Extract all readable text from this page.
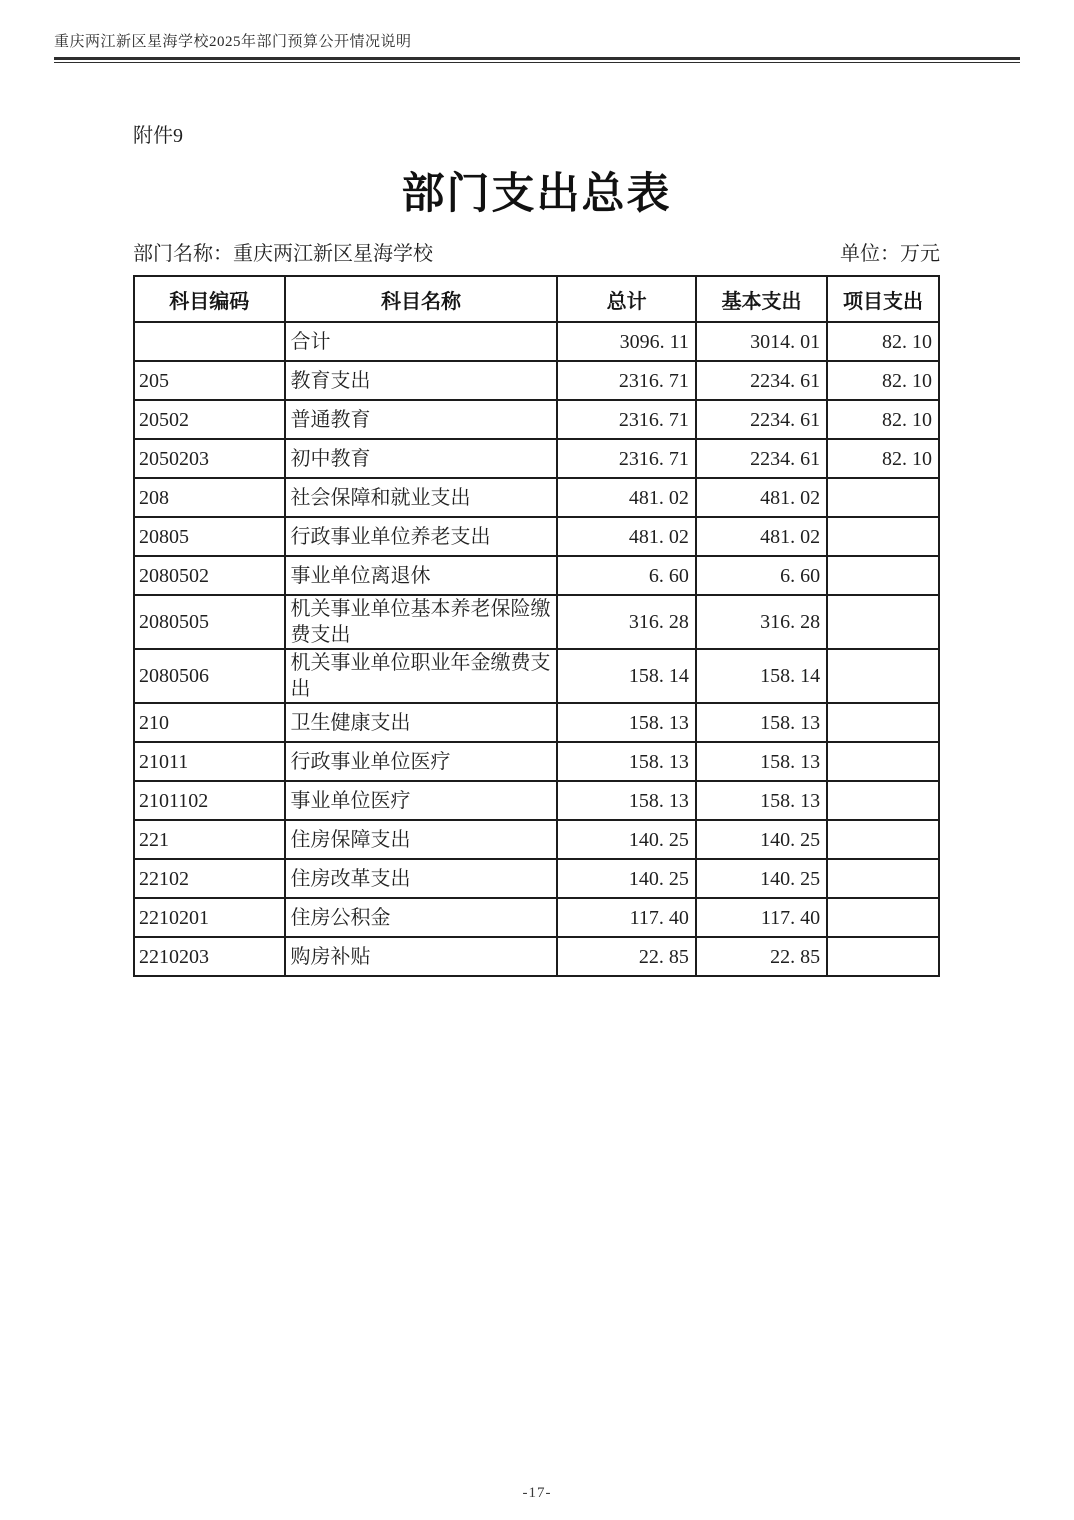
重庆两江新区星海学校2025年部门预算公开情况说明
附件9
部门支出总表
部门名称：重庆两江新区星海学校	单位：万元
科目编码	科目名称	总计	基本支出	项目支出
	合计	3096. 11	3014. 01	82. 10
205	教育支出	2316. 71	2234. 61	82. 10
20502	普通教育	2316. 71	2234. 61	82. 10
2050203	初中教育	2316. 71	2234. 61	82. 10
208	社会保障和就业支出	481. 02	481. 02	
20805	行政事业单位养老支出	481. 02	481. 02	
2080502	事业单位离退休	6. 60	6. 60	
2080505	机关事业单位基本养老保险缴费支出	316. 28	316. 28	
2080506	机关事业单位职业年金缴费支出	158. 14	158. 14	
210	卫生健康支出	158. 13	158. 13	
21011	行政事业单位医疗	158. 13	158. 13	
2101102	事业单位医疗	158. 13	158. 13	
221	住房保障支出	140. 25	140. 25	
22102	住房改革支出	140. 25	140. 25	
2210201	住房公积金	117. 40	117. 40	
2210203	购房补贴	22. 85	22. 85	
-17-
